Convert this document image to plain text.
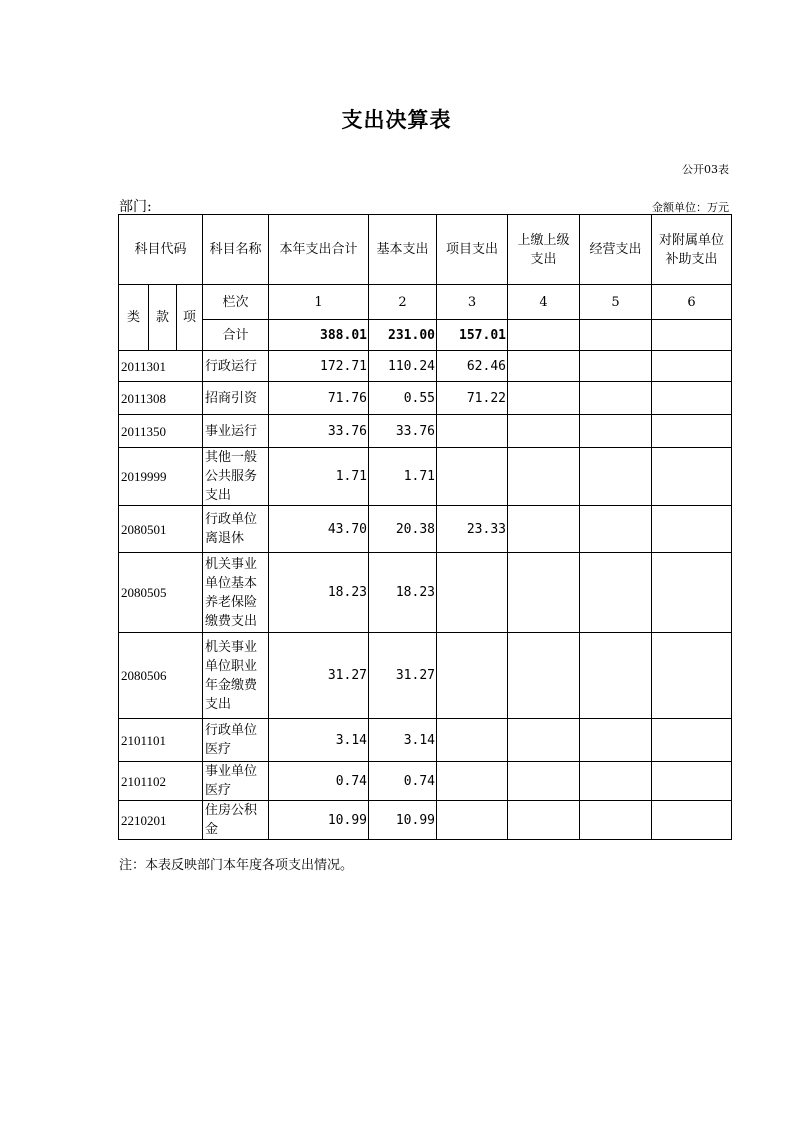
支出决算表
公开03表
部门:	金额单位：万元
科目代码			科目名称	本年支出合计	基本支出	项目支出	上缴上级支出	经营支出	对附属单位补助支出
类	款	项	栏次	1	2	3	4	5	6
			合计	388.01	231.00	157.01			
2011301			行政运行	172.71	110.24	62.46			
2011308			招商引资	71.76	0.55	71.22			
2011350			事业运行	33.76	33.76				
2019999			其他一般公共服务支出	1.71	1.71				
2080501			行政单位离退休	43.70	20.38	23.33			
2080505			机关事业单位基本养老保险缴费支出	18.23	18.23				
2080506			机关事业单位职业年金缴费支出	31.27	31.27				
2101101			行政单位医疗	3.14	3.14				
2101102			事业单位医疗	0.74	0.74				
2210201			住房公积金	10.99	10.99				
注：本表反映部门本年度各项支出情况。
